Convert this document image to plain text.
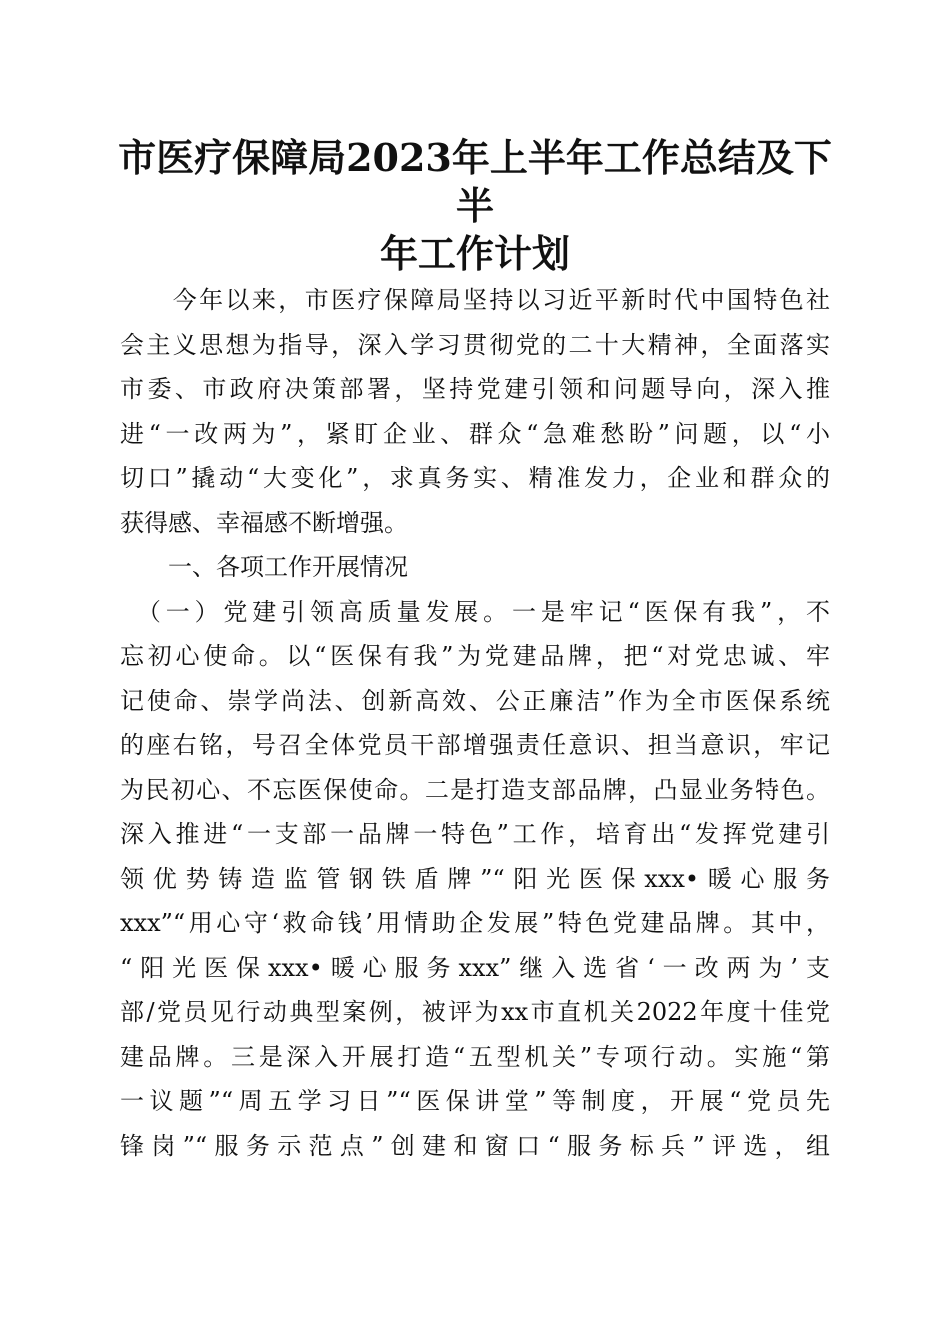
市医疗保障局2023年上半年工作总结及下半
年工作计划
　　今年以来，市医疗保障局坚持以习近平新时代中国特色社
会主义思想为指导，深入学习贯彻党的二十大精神，全面落实
市委、市政府决策部署，坚持党建引领和问题导向，深入推
进“一改两为”，紧盯企业、群众“急难愁盼”问题，以“小
切口”撬动“大变化”，求真务实、精准发力，企业和群众的
获得感、幸福感不断增强。
一、各项工作开展情况
　（一）党建引领高质量发展。一是牢记“医保有我”，不
忘初心使命。以“医保有我”为党建品牌，把“对党忠诚、牢
记使命、崇学尚法、创新高效、公正廉洁”作为全市医保系统
的座右铭，号召全体党员干部增强责任意识、担当意识，牢记
为民初心、不忘医保使命。二是打造支部品牌，凸显业务特色。
深入推进“一支部一品牌一特色”工作，培育出“发挥党建引
领优势铸造监管钢铁盾牌”“阳光医保xxx•暖心服务
xxx”“用心守‘救命钱’用情助企发展”特色党建品牌。其中，
“阳光医保xxx•暖心服务xxx”继入选省‘一改两为’支
部/党员见行动典型案例，被评为xx市直机关2022年度十佳党
建品牌。三是深入开展打造“五型机关”专项行动。实施“第
一议题”“周五学习日”“医保讲堂”等制度，开展“党员先
锋岗”“服务示范点”创建和窗口“服务标兵”评选，组
